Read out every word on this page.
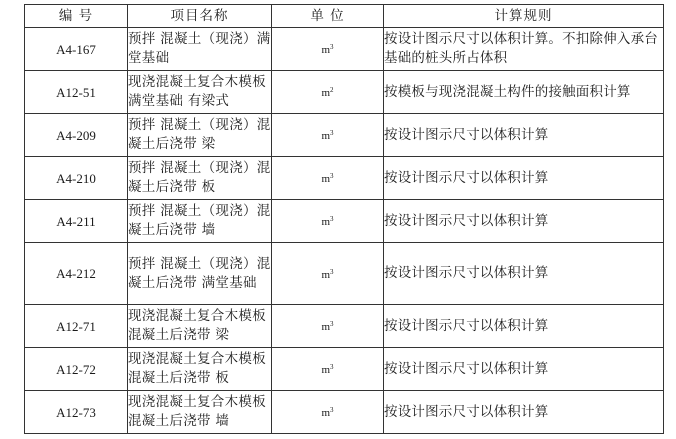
编 号	项目名称	单 位	计算规则
A4-167	预拌 混凝土（现浇）满堂基础	$m^3$	按设计图示尺寸以体积计算。不扣除伸入承台基础的桩头所占体积
A12-51	现浇混凝土复合木模板 满堂基础 有梁式	$m^2$	按模板与现浇混凝土构件的接触面积计算
A4-209	预拌 混凝土（现浇）混凝土后浇带 梁	$m^3$	按设计图示尺寸以体积计算
A4-210	预拌 混凝土（现浇）混凝土后浇带 板	$m^3$	按设计图示尺寸以体积计算
A4-211	预拌 混凝土（现浇）混凝土后浇带 墙	$m^3$	按设计图示尺寸以体积计算
A4-212	预拌 混凝土（现浇）混凝土后浇带 满堂基础	$m^3$	按设计图示尺寸以体积计算
A12-71	现浇混凝土复合木模板 混凝土后浇带 梁	$m^3$	按设计图示尺寸以体积计算
A12-72	现浇混凝土复合木模板 混凝土后浇带 板	$m^3$	按设计图示尺寸以体积计算
A12-73	现浇混凝土复合木模板 混凝土后浇带 墙	$m^3$	按设计图示尺寸以体积计算
